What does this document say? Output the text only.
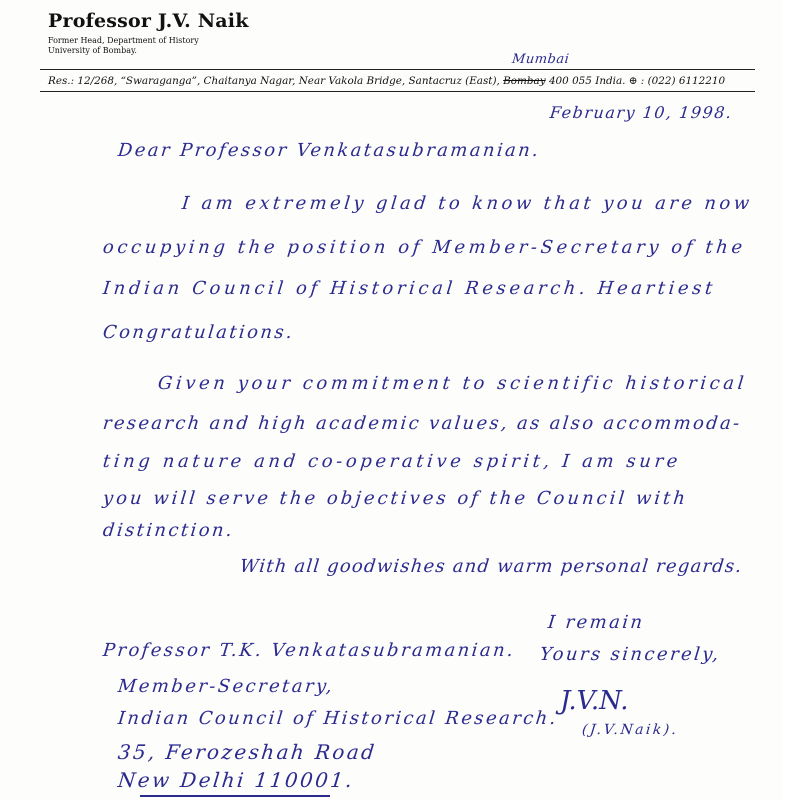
Professor J.V. Naik
Former Head, Department of History
University of Bombay.
Mumbai
Res.: 12/268, “Swaraganga”, Chaitanya Nagar, Near Vakola Bridge, Santacruz (East), Bombay 400 055 India. ⊕ : (022) 6112210
February 10, 1998.
Dear Professor Venkatasubramanian.
I am extremely glad to know that you are now
occupying the position of Member-Secretary of the
Indian Council of Historical Research. Heartiest
Congratulations.
Given your commitment to scientific historical
research and high academic values, as also accommoda-
ting nature and co-operative spirit, I am sure
you will serve the objectives of the Council with
distinction.
With all goodwishes and warm personal regards.
I remain
Yours sincerely,
J.V.N.
(J.V.Naik).
Professor T.K. Venkatasubramanian.
Member-Secretary,
Indian Council of Historical Research.
35, Ferozeshah Road
New Delhi 110001.
